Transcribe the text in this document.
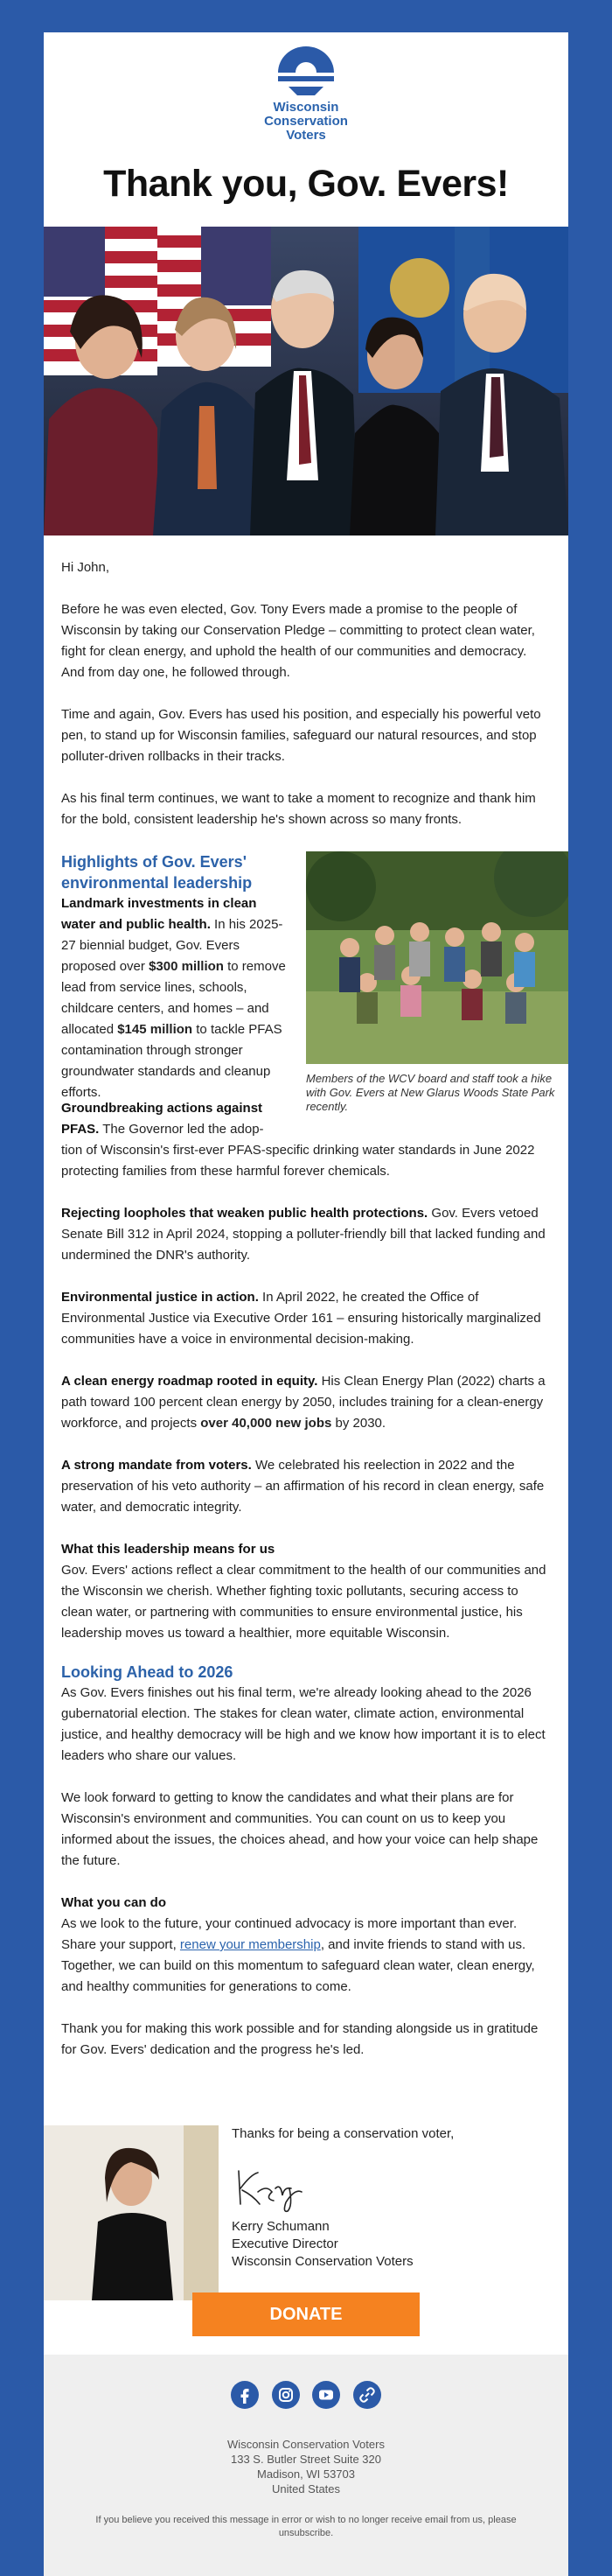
Wisconsin
Conservation
Voters
Thank you, Gov. Evers!

Hi John,

Before he was even elected, Gov. Tony Evers made a promise to the people of Wisconsin by taking our Conservation Pledge – committing to protect clean water, fight for clean energy, and uphold the health of our communities and democracy. And from day one, he followed through.

Time and again, Gov. Evers has used his position, and especially his powerful veto pen, to stand up for Wisconsin families, safeguard our natural resources, and stop polluter-driven rollbacks in their tracks.

As his final term continues, we want to take a moment to recognize and thank him for the bold, consistent leadership he's shown across so many fronts.

Highlights of Gov. Evers' environmental leadership

Landmark investments in clean water and public health. In his 2025-27 biennial budget, Gov. Evers proposed over $300 million to remove lead from service lines, schools, childcare centers, and homes – and allocated $145 million to tackle PFAS contamination through stronger groundwater standards and cleanup efforts.

Members of the WCV board and staff took a hike with Gov. Evers at New Glarus Woods State Park recently.

Groundbreaking actions against PFAS. The Governor led the adop-

tion of Wisconsin's first-ever PFAS-specific drinking water standards in June 2022 protecting families from these harmful forever chemicals.

Rejecting loopholes that weaken public health protections. Gov. Evers vetoed Senate Bill 312 in April 2024, stopping a polluter-friendly bill that lacked funding and undermined the DNR's authority.

Environmental justice in action. In April 2022, he created the Office of Environmental Justice via Executive Order 161 – ensuring historically marginalized communities have a voice in environmental decision-making.

A clean energy roadmap rooted in equity. His Clean Energy Plan (2022) charts a path toward 100 percent clean energy by 2050, includes training for a clean-energy workforce, and projects over 40,000 new jobs by 2030.

A strong mandate from voters. We celebrated his reelection in 2022 and the preservation of his veto authority – an affirmation of his record in clean energy, safe water, and democratic integrity.

What this leadership means for us

Gov. Evers' actions reflect a clear commitment to the health of our communities and the Wisconsin we cherish. Whether fighting toxic pollutants, securing access to clean water, or partnering with communities to ensure environmental justice, his leadership moves us toward a healthier, more equitable Wisconsin.

Looking Ahead to 2026

As Gov. Evers finishes out his final term, we're already looking ahead to the 2026 gubernatorial election. The stakes for clean water, climate action, environmental justice, and healthy democracy will be high and we know how important it is to elect leaders who share our values.

We look forward to getting to know the candidates and what their plans are for Wisconsin's environment and communities. You can count on us to keep you informed about the issues, the choices ahead, and how your voice can help shape the future.

What you can do

As we look to the future, your continued advocacy is more important than ever. Share your support, renew your membership, and invite friends to stand with us. Together, we can build on this momentum to safeguard clean water, clean energy, and healthy communities for generations to come.

Thank you for making this work possible and for standing alongside us in gratitude for Gov. Evers' dedication and the progress he's led.

Thanks for being a conservation voter,
Kerry Schumann
Executive Director
Wisconsin Conservation Voters
DONATE

Wisconsin Conservation Voters
133 S. Butler Street Suite 320
Madison, WI 53703
United States
If you believe you received this message in error or wish to no longer receive email from us, please unsubscribe.
